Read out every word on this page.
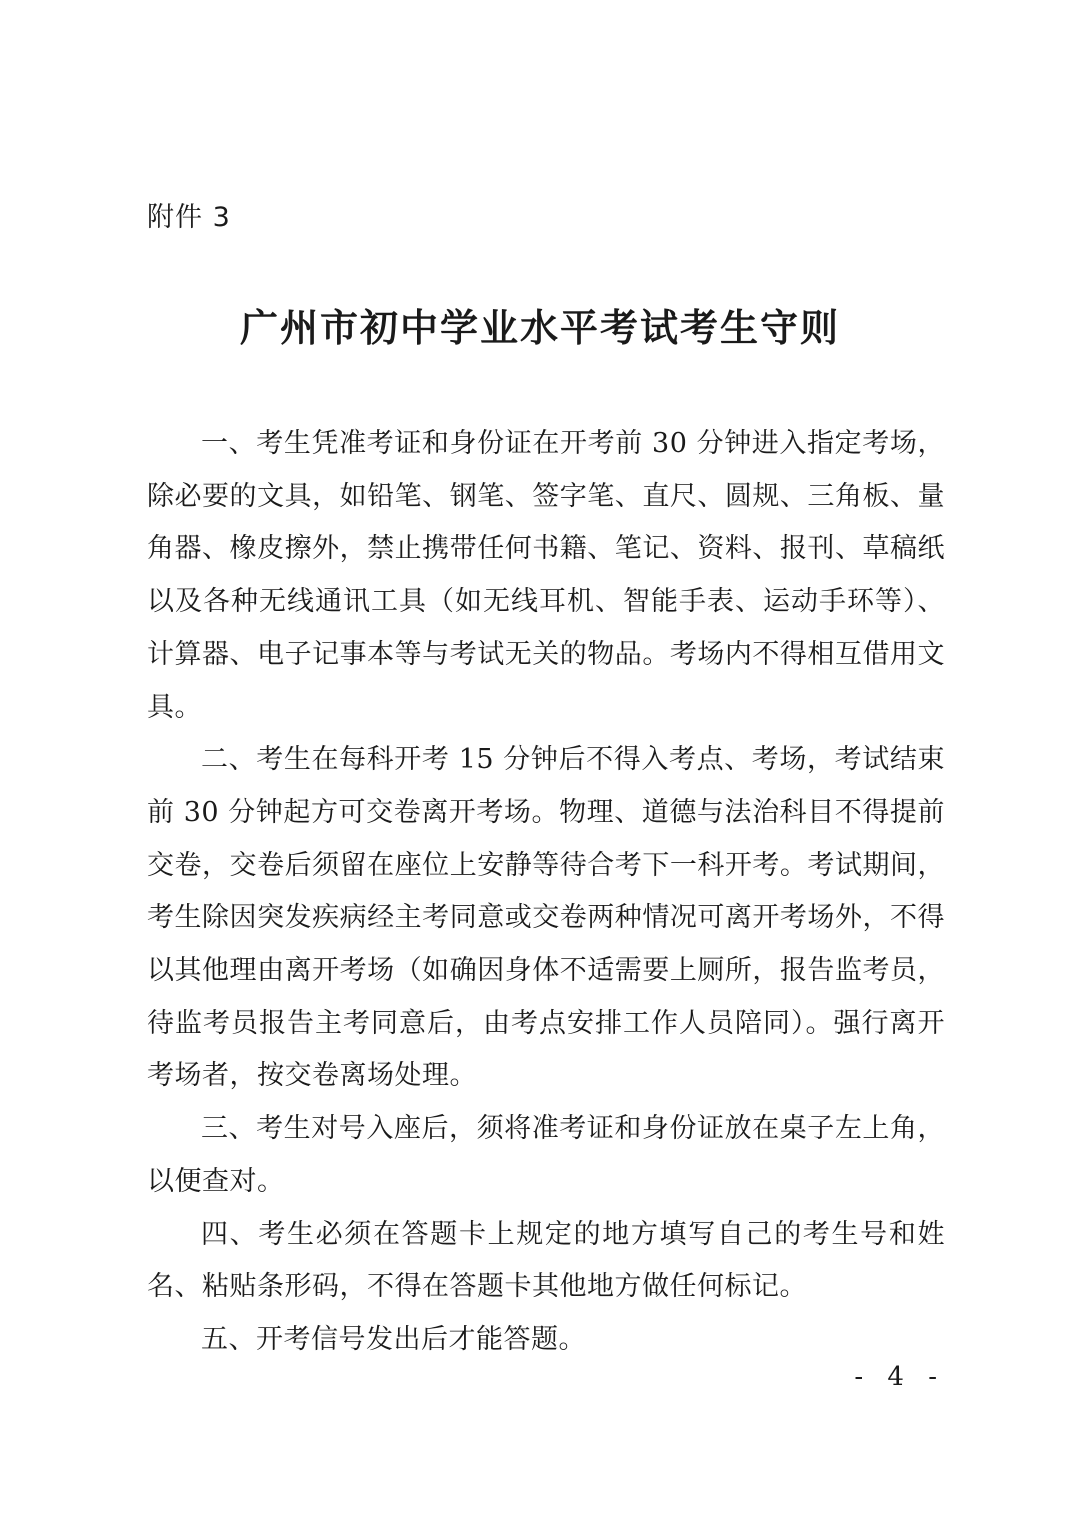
附件 3

广州市初中学业水平考试考生守则

一、考生凭准考证和身份证在开考前 30 分钟进入指定考场，除必要的文具，如铅笔、钢笔、签字笔、直尺、圆规、三角板、量角器、橡皮擦外，禁止携带任何书籍、笔记、资料、报刊、草稿纸以及各种无线通讯工具（如无线耳机、智能手表、运动手环等）、计算器、电子记事本等与考试无关的物品。考场内不得相互借用文具。

二、考生在每科开考 15 分钟后不得入考点、考场，考试结束前 30 分钟起方可交卷离开考场。物理、道德与法治科目不得提前交卷，交卷后须留在座位上安静等待合考下一科开考。考试期间，考生除因突发疾病经主考同意或交卷两种情况可离开考场外，不得以其他理由离开考场（如确因身体不适需要上厕所，报告监考员，待监考员报告主考同意后，由考点安排工作人员陪同）。强行离开考场者，按交卷离场处理。

三、考生对号入座后，须将准考证和身份证放在桌子左上角，以便查对。

四、考生必须在答题卡上规定的地方填写自己的考生号和姓名、粘贴条形码，不得在答题卡其他地方做任何标记。

五、开考信号发出后才能答题。

- 4 -
